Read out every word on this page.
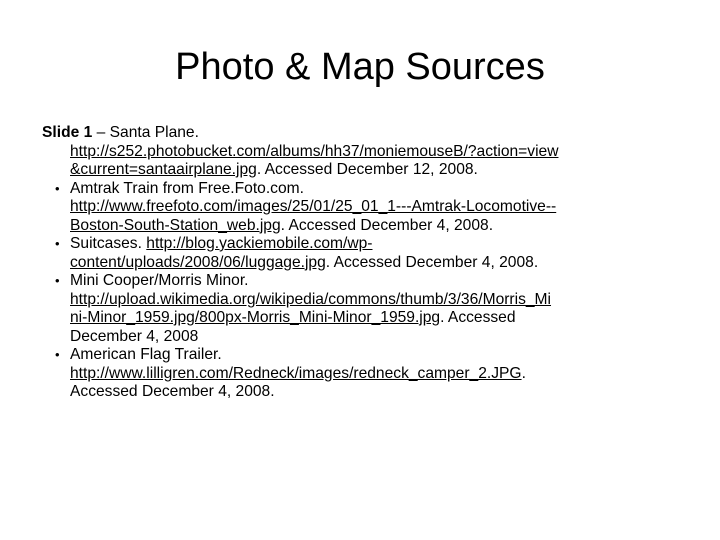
Photo & Map Sources

Slide 1 – Santa Plane.
http://s252.photobucket.com/albums/hh37/moniemouseB/?action=view
&current=santaairplane.jpg. Accessed December 12, 2008.

• Amtrak Train from Free.Foto.com.
http://www.freefoto.com/images/25/01/25_01_1---Amtrak-Locomotive--
Boston-South-Station_web.jpg. Accessed December 4, 2008.

• Suitcases. http://blog.yackiemobile.com/wp-
content/uploads/2008/06/luggage.jpg. Accessed December 4, 2008.

• Mini Cooper/Morris Minor.
http://upload.wikimedia.org/wikipedia/commons/thumb/3/36/Morris_Mi
ni-Minor_1959.jpg/800px-Morris_Mini-Minor_1959.jpg. Accessed
December 4, 2008

• American Flag Trailer.
http://www.lilligren.com/Redneck/images/redneck_camper_2.JPG.
Accessed December 4, 2008.
